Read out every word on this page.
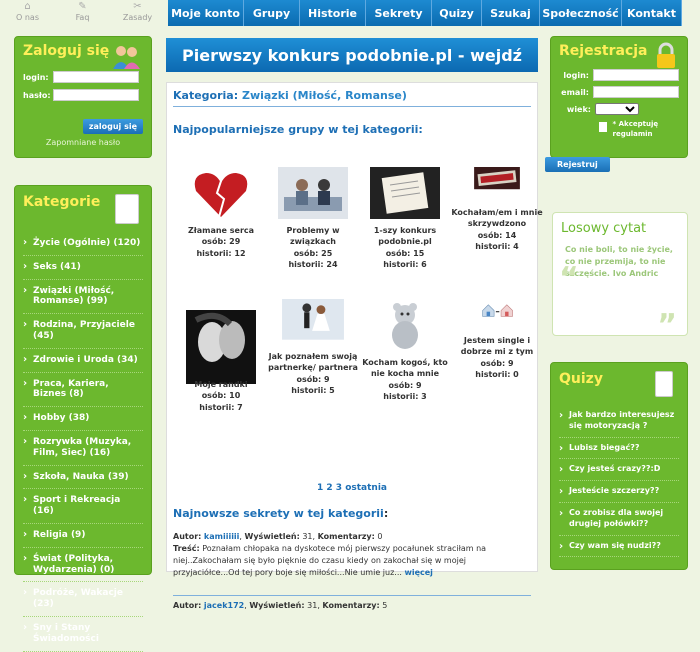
⌂
O nas
✎
Faq
✂
Zasady	Moje konto	Grupy	Historie	Sekrety	Quizy	Szukaj	Społeczność Kontakt
Zaloguj się
login:
hasło:
zaloguj się
Zapomniane hasło
Kategorie
› Życie (Ogólnie) (120)
› Seks (41)
› Związki (Miłość, Romanse) (99)
› Rodzina, Przyjaciele (45)
› Zdrowie i Uroda (34)
› Praca, Kariera, Biznes (8)
› Hobby (38)
› Rozrywka (Muzyka, Film, Siec) (16)
› Szkoła, Nauka (39)
› Sport i Rekreacja (16)
› Religia (9)
› Świat (Polityka, Wydarzenia) (0)
› Podróże, Wakacje (23)
› Sny i Stany Świadomości
Pierwszy konkurs podobnie.pl - wejdź
Kategoria: Związki (Miłość, Romanse)
Najpopularniejsze grupy w tej kategorii:
Złamane serca
osób: 29
historii: 12
Problemy w związkach
osób: 25
historii: 24
1-szy konkurs podobnie.pl
osób: 15
historii: 6
Kochałam/em i mnie skrzywdzono
osób: 14
historii: 4
Moje randki
osób: 10
historii: 7
Jak poznałem swoją partnerkę/ partnera
osób: 9
historii: 5
Kocham kogoś, kto nie kocha mnie
osób: 9
historii: 3
Jestem single i dobrze mi z tym
osób: 9
historii: 0
1 2 3 ostatnia
Najnowsze sekrety w tej kategorii:
Autor: kamiiiiii, Wyświetleń: 31, Komentarzy: 0
Treść: Poznałam chłopaka na dyskotece mój pierwszy pocałunek straciłam na niej..Zakochałam się było pięknie do czasu kiedy on zakochał się w mojej przyjaciółce...Od tej pory boje się miłości...Nie umie juz... więcej
Autor: jacek172, Wyświetleń: 31, Komentarzy: 5
Rejestracja
login:
email:
wiek:
* Akceptuję regulamin
Rejestruj
Losowy cytat
“
Co nie boli, to nie życie, co nie przemija, to nie szczęście. Ivo Andric
”
Quizy
› Jak bardzo interesujesz się motoryzacją ?
› Lubisz biegać??
› Czy jesteś crazy??:D
› Jesteście szczerzy??
› Co zrobisz dla swojej drugiej połówki??
› Czy wam się nudzi??
